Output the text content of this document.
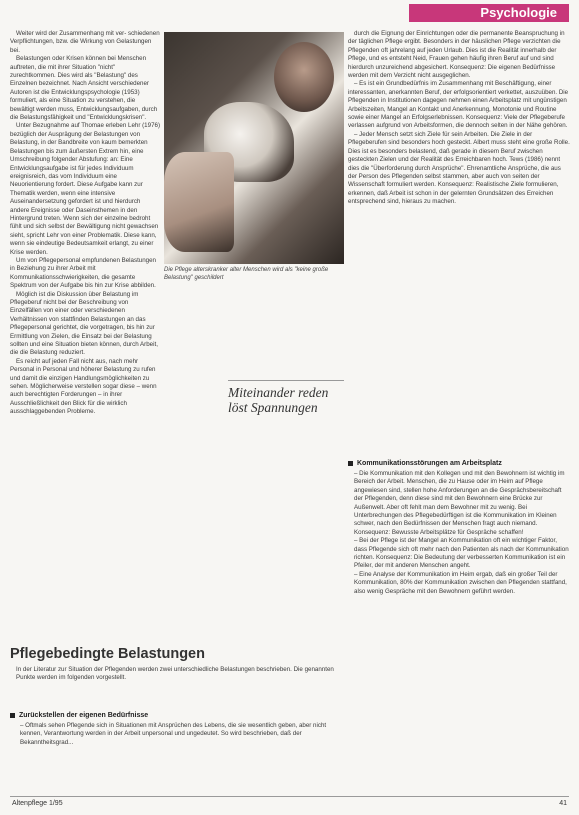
Psychologie

Weiter wird der Zusammenhang mit ver- schiedenen Verpflichtungen, bzw. die Wirkung von Gelastungen bei.

Belastungen oder Krisen können bei Menschen auftreten, die mit ihrer Situation "nicht" zurechtkommen. Dies wird als "Belastung" des Einzelnen bezeichnet. Nach Ansicht verschiedener Autoren ist die Entwicklungspsychologie (1953) formuliert, als eine Situation zu verstehen, die bewältigt werden muss, Entwicklungsaufgaben, durch die Belastungsfähigkeit und "Entwicklungskrisen".

Unter Bezugnahme auf Thomae erleben Lehr (1976) bezüglich der Ausprägung der Belastungen von Belastung, in der Bandbreite von kaum bemerkten Belastungen bis zum äußersten Extrem hin, eine Umschreibung folgender Abstufung: an: Eine Entwicklungsaufgabe ist für jedes Individuum ereignisreich, das vom Individuum eine Neuorientierung fordert. Diese Aufgabe kann zur Thematik werden, wenn eine intensive Auseinandersetzung gefordert ist und hierdurch andere Ereignisse oder Daseinsthemen in den Hintergrund treten. Wenn sich der einzelne bedroht fühlt und sich selbst der Bewältigung nicht gewachsen sieht, spricht Lehr von einer Problematik. Diese kann, wenn sie eindeutige Bedeutsamkeit erlangt, zu einer Krise werden.

Um von Pflegepersonal empfundenen Belastungen in Beziehung zu ihrer Arbeit mit Kommunikationsschwierigkeiten, die gesamte Spektrum von der Aufgabe bis hin zur Krise abbilden.

Möglich ist die Diskussion über Belastung im Pflegeberuf nicht bei der Beschreibung von Einzelfällen von einer oder verschiedenen Verhältnissen von stattfinden Belastungen an das Pflegepersonal gerichtet, die vorgetragen, bis hin zur Ermittlung von Zielen, die Einsatz bei der Belastung sollten und eine Situation bieten können, durch Arbeit, die die Belastung reduziert.

Es reicht auf jeden Fall nicht aus, nach mehr Personal in Personal und höherer Belastung zu rufen und damit die einzigen Handlungsmöglichkeiten zu sehen. Möglicherweise verstellen sogar diese – wenn auch berechtigten Forderungen – in ihrer Ausschließlichkeit den Blick für die wirklich ausschlaggebenden Probleme.

Die Pflege alterskranker alter Menschen wird als "keine große Belastung" geschildert
Miteinander reden löst Spannungen

durch die Eignung der Einrichtungen oder die permanente Beanspruchung in der täglichen Pflege ergibt. Besonders in der häuslichen Pflege verzichten die Pflegenden oft jahrelang auf jeden Urlaub. Dies ist die Realität innerhalb der Pflege, und es entsteht Neid, Frauen gehen häufig ihren Beruf auf und sind hierdurch unzureichend abgesichert. Konsequenz: Die eigenen Bedürfnisse werden mit dem Verzicht nicht ausgeglichen.

– Es ist ein Grundbedürfnis im Zusammenhang mit Beschäftigung, einer interessanten, anerkannten Beruf, der erfolgsorientiert verkettet, auszuüben. Die Pflegenden in Institutionen dagegen nehmen einen Arbeitsplatz mit ungünstigen Arbeitszeiten, Mangel an Kontakt und Anerkennung, Monotonie und Routine sowie einer Mangel an Erfolgserlebnissen. Konsequenz: Viele der Pflegeberufe verlassen aufgrund von Arbeitsformen, die dennoch selten in der Nähe gehören.

– Jeder Mensch setzt sich Ziele für sein Arbeiten. Die Ziele in der Pflegeberufen sind besonders hoch gesteckt. Albert muss steht eine große Rolle. Dies ist es besonders belastend, daß gerade in diesem Beruf zwischen gesteckten Zielen und der Realität des Erreichbaren hoch. Tews (1986) nennt dies die "Überforderung durch Ansprüche". Ehrenamtliche Ansprüche, die aus der Person des Pflegenden selbst stammen, aber auch von seiten der Wissenschaft formuliert werden. Konsequenz: Realistische Ziele formulieren, erkennen, daß Arbeit ist schon in der gelernten Grundsätzen des Erreichen entsprechend sind, hieraus zu machen.

Kommunikationsstörungen am Arbeitsplatz

– Die Kommunikation mit den Kollegen und mit den Bewohnern ist wichtig im Bereich der Arbeit. Menschen, die zu Hause oder im Heim auf Pflege angewiesen sind, stellen hohe Anforderungen an die Gesprächsbereitschaft der Pflegenden, denn diese sind mit den Bewohnern eine Brücke zur Außenwelt. Aber oft fehlt man dem Bewohner mit zu wenig. Bei Unterbrechungen des Pflegebedürftigen ist die Kommunikation im Kleinen schwer, nach den Bedürfnissen der Menschen fragt auch niemand. Konsequenz: Bewusste Arbeitsplätze für Gespräche schaffen!

– Bei der Pflege ist der Mangel an Kommunikation oft ein wichtiger Faktor, dass Pflegende sich oft mehr nach den Patienten als nach der Kommunikation richten. Konsequenz: Die Bedeutung der verbesserten Kommunikation ist ein Pfeiler, der mit anderen Menschen angeht.

– Eine Analyse der Kommunikation im Heim ergab, daß ein großer Teil der Kommunikation, 80% der Kommunikation zwischen den Pflegenden stattfand, also wenig Gespräche mit den Bewohnern geführt werden.

Pflegebedingte Belastungen
In der Literatur zur Situation der Pflegenden werden zwei unterschiedliche Belastungen beschrieben. Die genannten Punkte werden im folgenden vorgestellt.
Zurückstellen der eigenen Bedürfnisse

– Oftmals sehen Pflegende sich in Situationen mit Ansprüchen des Lebens, die sie wesentlich geben, aber nicht kennen, Verantwortung werden in der Arbeit unpersonal und ungedeutet. So wird beschrieben, daß der Bekanntheitsgrad...

Altenpflege 1/95	41
